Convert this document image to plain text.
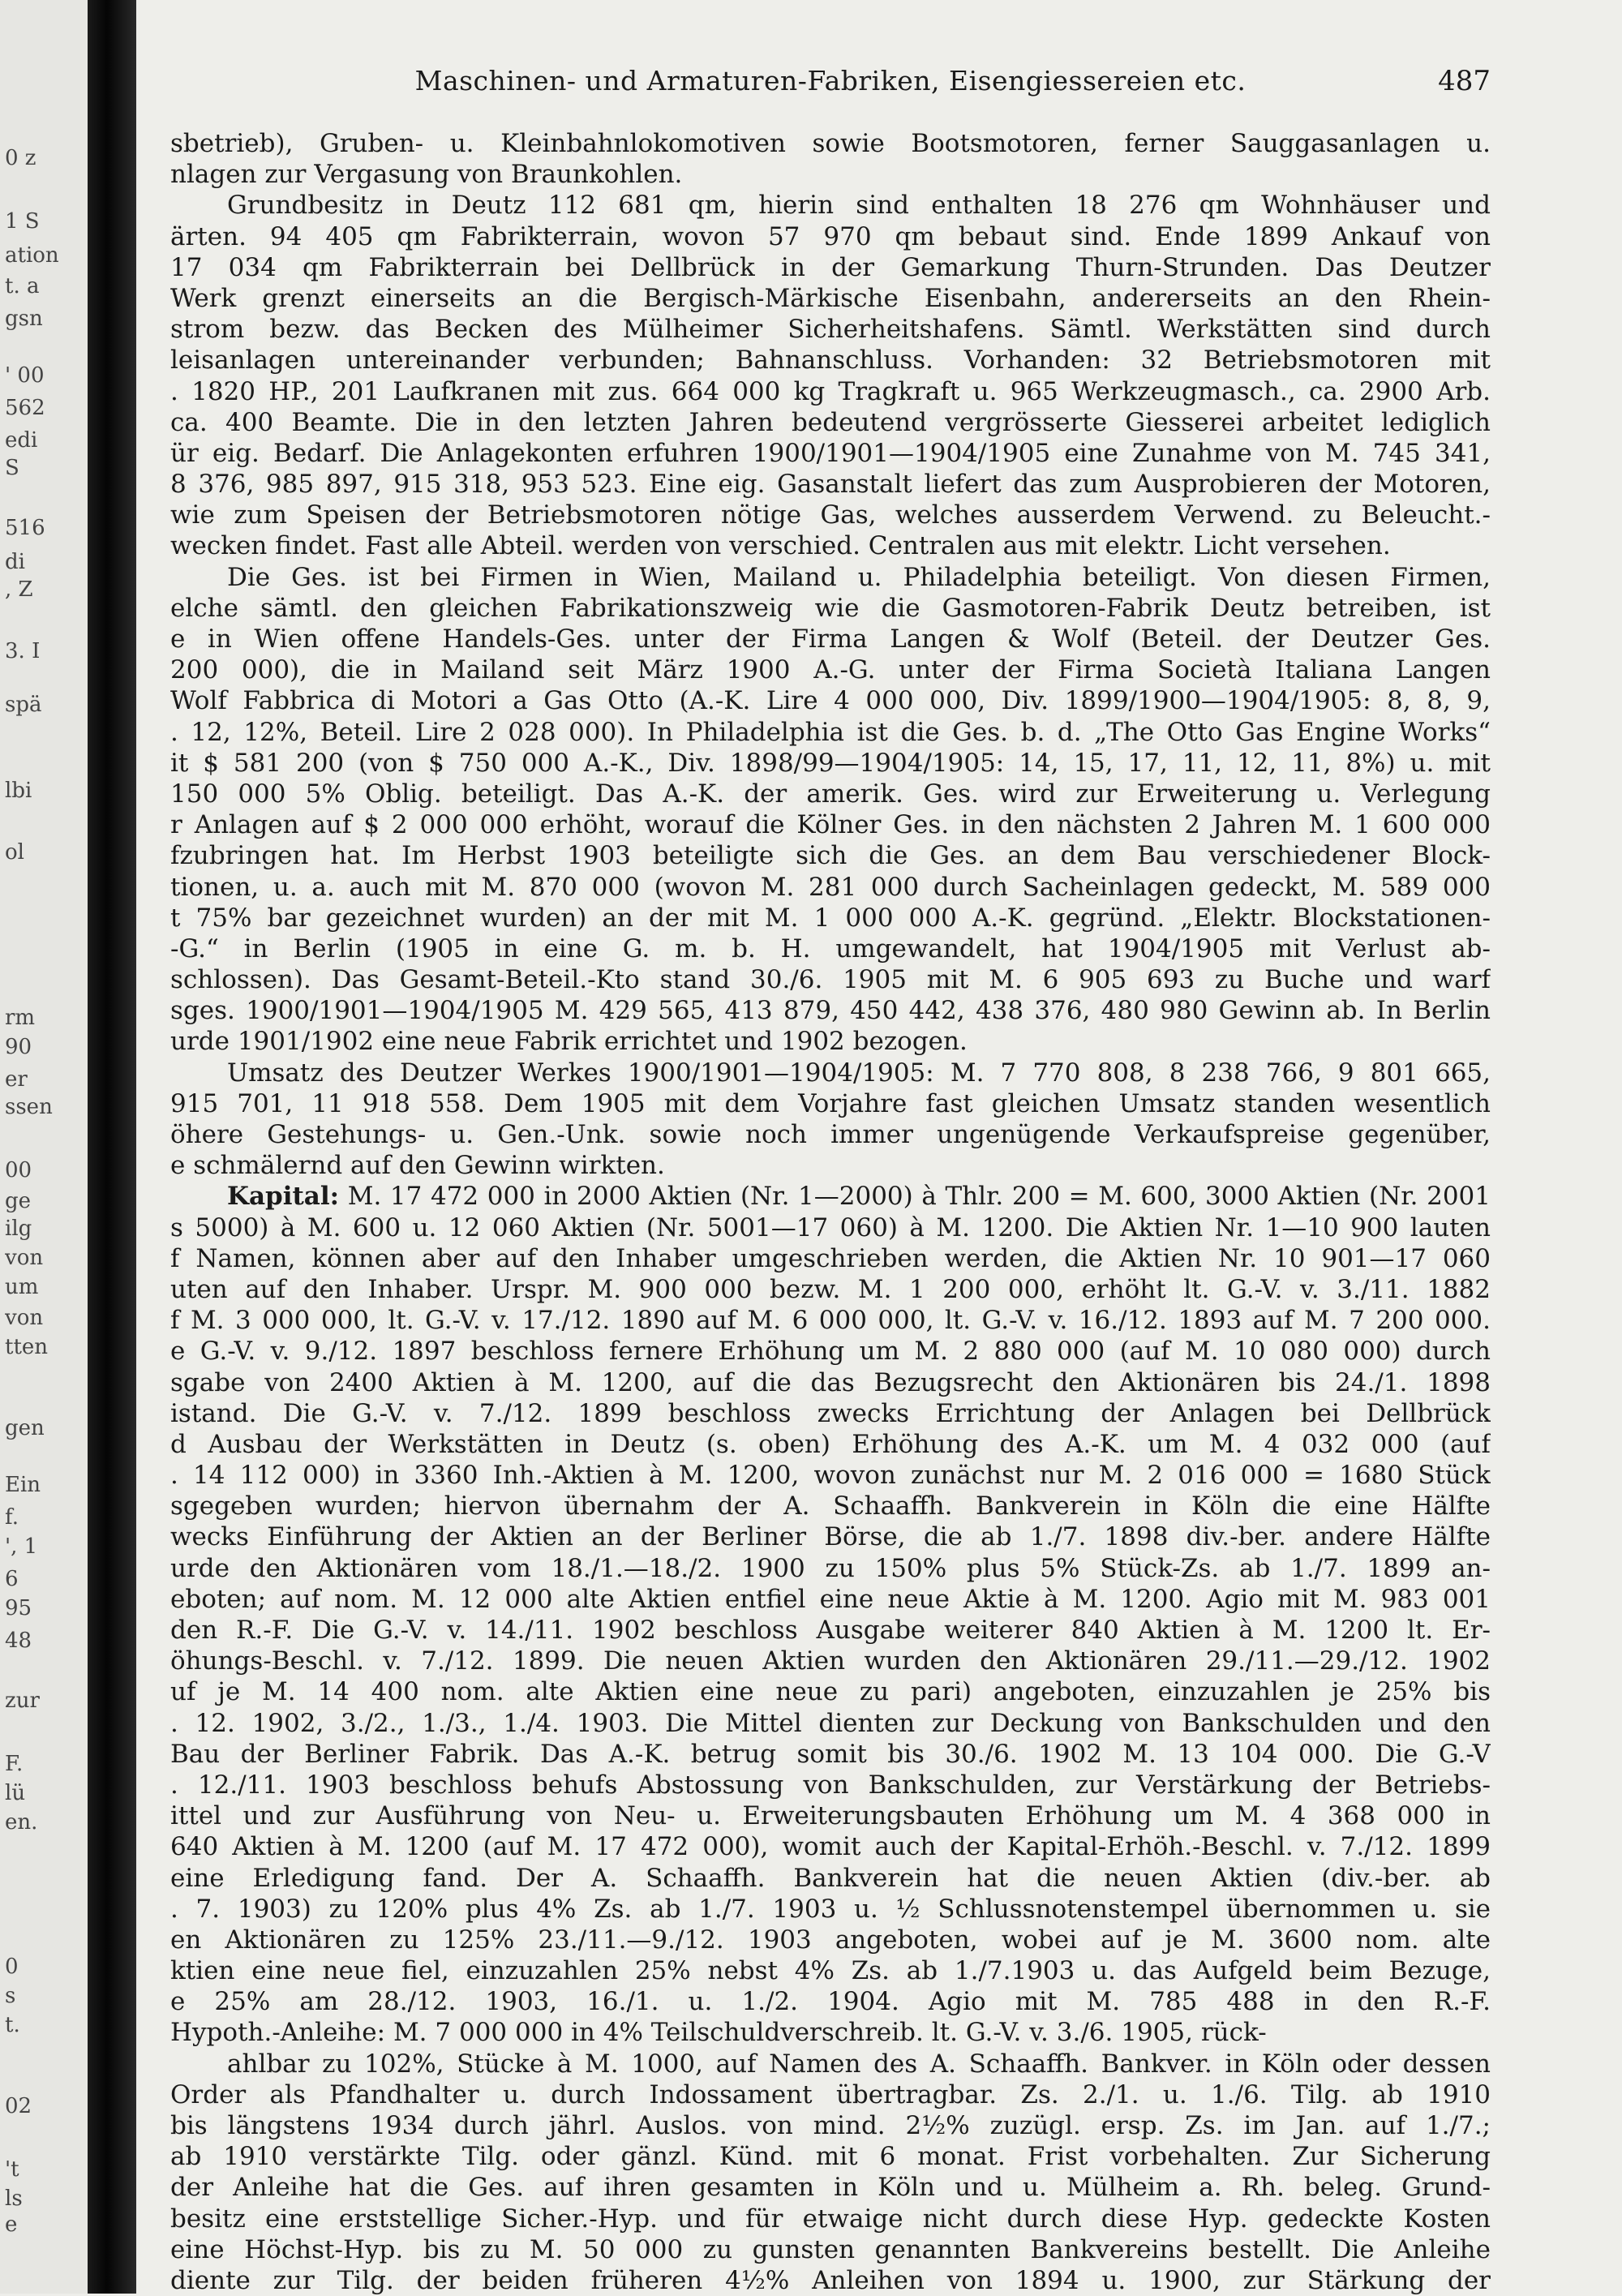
0 z
1 S
ation
t. a
gsn
' 00
562
edi
S
516
di
, Z
3. I
spä
lbi
ol
rm
90
er
ssen
00
ge
ilg
von
um
von
tten
gen
Ein
f.
', 1
6
95
48
zur
F.
lü
en.
0
s
t.
02
't
ls
e
Maschinen- und Armaturen-Fabriken, Eisengiessereien etc.	487
sbetrieb), Gruben- u. Kleinbahnlokomotiven sowie Bootsmotoren, ferner Sauggasanlagen u.
nlagen zur Vergasung von Braunkohlen.
Grundbesitz in Deutz 112 681 qm, hierin sind enthalten 18 276 qm Wohnhäuser und
ärten. 94 405 qm Fabrikterrain, wovon 57 970 qm bebaut sind. Ende 1899 Ankauf von
17 034 qm Fabrikterrain bei Dellbrück in der Gemarkung Thurn-Strunden. Das Deutzer
Werk grenzt einerseits an die Bergisch-Märkische Eisenbahn, andererseits an den Rhein-
strom bezw. das Becken des Mülheimer Sicherheitshafens. Sämtl. Werkstätten sind durch
leisanlagen untereinander verbunden; Bahnanschluss. Vorhanden: 32 Betriebsmotoren mit
. 1820 HP., 201 Laufkranen mit zus. 664 000 kg Tragkraft u. 965 Werkzeugmasch., ca. 2900 Arb.
ca. 400 Beamte. Die in den letzten Jahren bedeutend vergrösserte Giesserei arbeitet lediglich
ür eig. Bedarf. Die Anlagekonten erfuhren 1900/1901—1904/1905 eine Zunahme von M. 745 341,
8 376, 985 897, 915 318, 953 523. Eine eig. Gasanstalt liefert das zum Ausprobieren der Motoren,
wie zum Speisen der Betriebsmotoren nötige Gas, welches ausserdem Verwend. zu Beleucht.-
wecken findet. Fast alle Abteil. werden von verschied. Centralen aus mit elektr. Licht versehen.
Die Ges. ist bei Firmen in Wien, Mailand u. Philadelphia beteiligt. Von diesen Firmen,
elche sämtl. den gleichen Fabrikationszweig wie die Gasmotoren-Fabrik Deutz betreiben, ist
e in Wien offene Handels-Ges. unter der Firma Langen & Wolf (Beteil. der Deutzer Ges.
200 000), die in Mailand seit März 1900 A.-G. unter der Firma Società Italiana Langen
Wolf Fabbrica di Motori a Gas Otto (A.-K. Lire 4 000 000, Div. 1899/1900—1904/1905: 8, 8, 9,
. 12, 12%, Beteil. Lire 2 028 000). In Philadelphia ist die Ges. b. d. „The Otto Gas Engine Works“
it $ 581 200 (von $ 750 000 A.-K., Div. 1898/99—1904/1905: 14, 15, 17, 11, 12, 11, 8%) u. mit
150 000 5% Oblig. beteiligt. Das A.-K. der amerik. Ges. wird zur Erweiterung u. Verlegung
r Anlagen auf $ 2 000 000 erhöht, worauf die Kölner Ges. in den nächsten 2 Jahren M. 1 600 000
fzubringen hat. Im Herbst 1903 beteiligte sich die Ges. an dem Bau verschiedener Block-
tionen, u. a. auch mit M. 870 000 (wovon M. 281 000 durch Sacheinlagen gedeckt, M. 589 000
t 75% bar gezeichnet wurden) an der mit M. 1 000 000 A.-K. gegründ. „Elektr. Blockstationen-
-G.“ in Berlin (1905 in eine G. m. b. H. umgewandelt, hat 1904/1905 mit Verlust ab-
schlossen). Das Gesamt-Beteil.-Kto stand 30./6. 1905 mit M. 6 905 693 zu Buche und warf
sges. 1900/1901—1904/1905 M. 429 565, 413 879, 450 442, 438 376, 480 980 Gewinn ab. In Berlin
urde 1901/1902 eine neue Fabrik errichtet und 1902 bezogen.
Umsatz des Deutzer Werkes 1900/1901—1904/1905: M. 7 770 808, 8 238 766, 9 801 665,
915 701, 11 918 558. Dem 1905 mit dem Vorjahre fast gleichen Umsatz standen wesentlich
öhere Gestehungs- u. Gen.-Unk. sowie noch immer ungenügende Verkaufspreise gegenüber,
e schmälernd auf den Gewinn wirkten.
Kapital: M. 17 472 000 in 2000 Aktien (Nr. 1—2000) à Thlr. 200 = M. 600, 3000 Aktien (Nr. 2001
s 5000) à M. 600 u. 12 060 Aktien (Nr. 5001—17 060) à M. 1200. Die Aktien Nr. 1—10 900 lauten
f Namen, können aber auf den Inhaber umgeschrieben werden, die Aktien Nr. 10 901—17 060
uten auf den Inhaber. Urspr. M. 900 000 bezw. M. 1 200 000, erhöht lt. G.-V. v. 3./11. 1882
f M. 3 000 000, lt. G.-V. v. 17./12. 1890 auf M. 6 000 000, lt. G.-V. v. 16./12. 1893 auf M. 7 200 000.
e G.-V. v. 9./12. 1897 beschloss fernere Erhöhung um M. 2 880 000 (auf M. 10 080 000) durch
sgabe von 2400 Aktien à M. 1200, auf die das Bezugsrecht den Aktionären bis 24./1. 1898
istand. Die G.-V. v. 7./12. 1899 beschloss zwecks Errichtung der Anlagen bei Dellbrück
d Ausbau der Werkstätten in Deutz (s. oben) Erhöhung des A.-K. um M. 4 032 000 (auf
. 14 112 000) in 3360 Inh.-Aktien à M. 1200, wovon zunächst nur M. 2 016 000 = 1680 Stück
sgegeben wurden; hiervon übernahm der A. Schaaffh. Bankverein in Köln die eine Hälfte
wecks Einführung der Aktien an der Berliner Börse, die ab 1./7. 1898 div.-ber. andere Hälfte
urde den Aktionären vom 18./1.—18./2. 1900 zu 150% plus 5% Stück-Zs. ab 1./7. 1899 an-
eboten; auf nom. M. 12 000 alte Aktien entfiel eine neue Aktie à M. 1200. Agio mit M. 983 001
den R.-F. Die G.-V. v. 14./11. 1902 beschloss Ausgabe weiterer 840 Aktien à M. 1200 lt. Er-
öhungs-Beschl. v. 7./12. 1899. Die neuen Aktien wurden den Aktionären 29./11.—29./12. 1902
uf je M. 14 400 nom. alte Aktien eine neue zu pari) angeboten, einzuzahlen je 25% bis
. 12. 1902, 3./2., 1./3., 1./4. 1903. Die Mittel dienten zur Deckung von Bankschulden und den
Bau der Berliner Fabrik. Das A.-K. betrug somit bis 30./6. 1902 M. 13 104 000. Die G.-V
. 12./11. 1903 beschloss behufs Abstossung von Bankschulden, zur Verstärkung der Betriebs-
ittel und zur Ausführung von Neu- u. Erweiterungsbauten Erhöhung um M. 4 368 000 in
640 Aktien à M. 1200 (auf M. 17 472 000), womit auch der Kapital-Erhöh.-Beschl. v. 7./12. 1899
eine Erledigung fand. Der A. Schaaffh. Bankverein hat die neuen Aktien (div.-ber. ab
. 7. 1903) zu 120% plus 4% Zs. ab 1./7. 1903 u. ½ Schlussnotenstempel übernommen u. sie
en Aktionären zu 125% 23./11.—9./12. 1903 angeboten, wobei auf je M. 3600 nom. alte
ktien eine neue fiel, einzuzahlen 25% nebst 4% Zs. ab 1./7.1903 u. das Aufgeld beim Bezuge,
e 25% am 28./12. 1903, 16./1. u. 1./2. 1904. Agio mit M. 785 488 in den R.-F.
Hypoth.-Anleihe: M. 7 000 000 in 4% Teilschuldverschreib. lt. G.-V. v. 3./6. 1905, rück-
ahlbar zu 102%, Stücke à M. 1000, auf Namen des A. Schaaffh. Bankver. in Köln oder dessen
Order als Pfandhalter u. durch Indossament übertragbar. Zs. 2./1. u. 1./6. Tilg. ab 1910
bis längstens 1934 durch jährl. Auslos. von mind. 2½% zuzügl. ersp. Zs. im Jan. auf 1./7.;
ab 1910 verstärkte Tilg. oder gänzl. Künd. mit 6 monat. Frist vorbehalten. Zur Sicherung
der Anleihe hat die Ges. auf ihren gesamten in Köln und u. Mülheim a. Rh. beleg. Grund-
besitz eine erststellige Sicher.-Hyp. und für etwaige nicht durch diese Hyp. gedeckte Kosten
eine Höchst-Hyp. bis zu M. 50 000 zu gunsten genannten Bankvereins bestellt. Die Anleihe
diente zur Tilg. der beiden früheren 4½% Anleihen von 1894 u. 1900, zur Stärkung der
